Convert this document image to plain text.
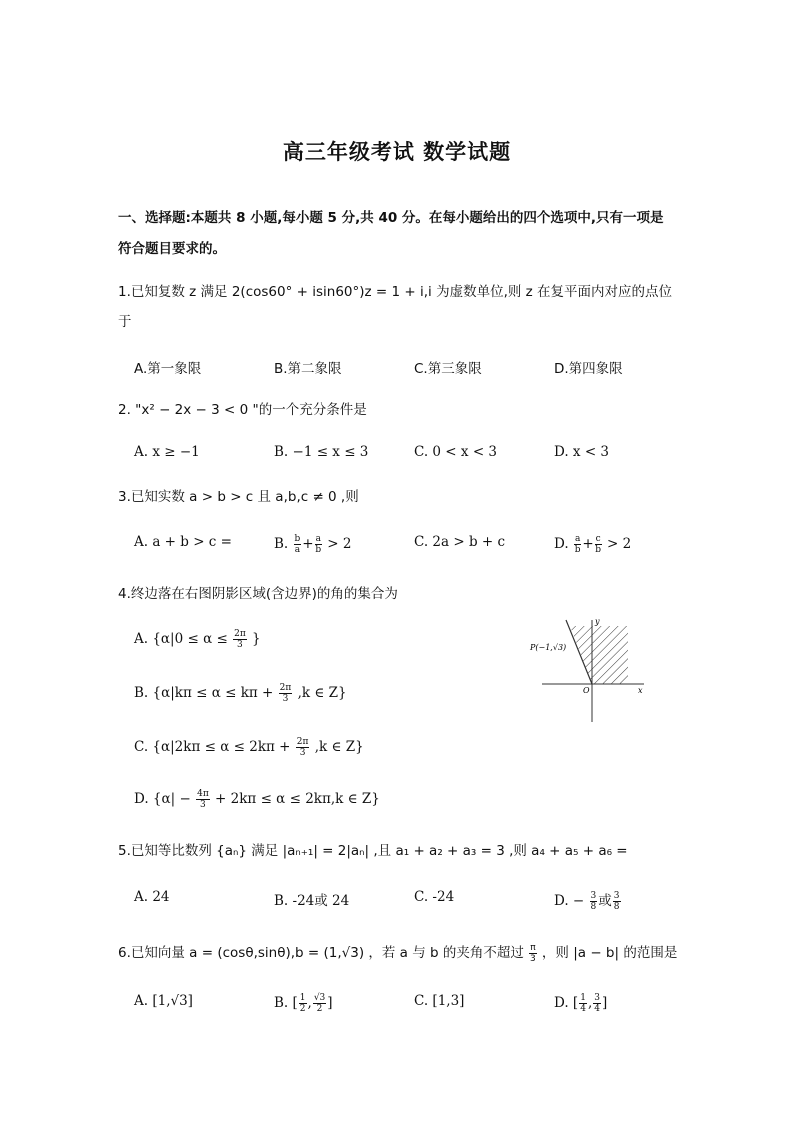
高三年级考试 数学试题
一、选择题:本题共 8 小题,每小题 5 分,共 40 分。在每小题给出的四个选项中,只有一项是
符合题目要求的。
1.已知复数 z 满足 2(cos60° + isin60°)z = 1 + i,i 为虚数单位,则 z 在复平面内对应的点位
于
A.第一象限	B.第二象限	C.第三象限	D.第四象限
2. "x² − 2x − 3 < 0 "的一个充分条件是
A. x ≥ −1	B. −1 ≤ x ≤ 3	C. 0 < x < 3	D. x < 3
3.已知实数 a > b > c 且 a,b,c ≠ 0 ,则
A. a + b > c =	B. $\frac{b}{a} + \frac{a}{b} > 2$	C. 2a > b + c	D. $\frac{a}{b} + \frac{c}{b} > 2$
4.终边落在右图阴影区域(含边界)的角的集合为
A. {$\alpha|0 \le \alpha \le \frac{2\pi}{3}$ }
B. {$\alpha|k\pi \le \alpha \le k\pi + \frac{2\pi}{3} ,k$ ∈ Z}
C. {$\alpha|2k\pi \le \alpha \le 2k\pi + \frac{2\pi}{3} ,k$ ∈ Z}
D. {$\alpha| - \frac{4\pi}{3} + 2k\pi \le \alpha \le 2k\pi,k$ ∈ Z}
P(−1,√3)
y
x
O
5.已知等比数列 {aₙ} 满足 |aₙ₊₁| = 2|aₙ| ,且 a₁ + a₂ + a₃ = 3 ,则 a₄ + a₅ + a₆ =
A. 24	B. -24或 24	C. -24	D. − $\frac{3}{8}$ 或 $\frac{3}{8}$
6.已知向量 a = (cosθ,sinθ),b = (1,√3) ，若 a 与 b 的夹角不超过 $\frac{\pi}{3}$ ，则 |a − b| 的范围是
A. [1,√3]	B. [ $\frac{1}{2}$ , $\frac{√3}{2}$ ]	C. [1,3]	D. [ $\frac{1}{4}$ , $\frac{3}{4}$ ]
